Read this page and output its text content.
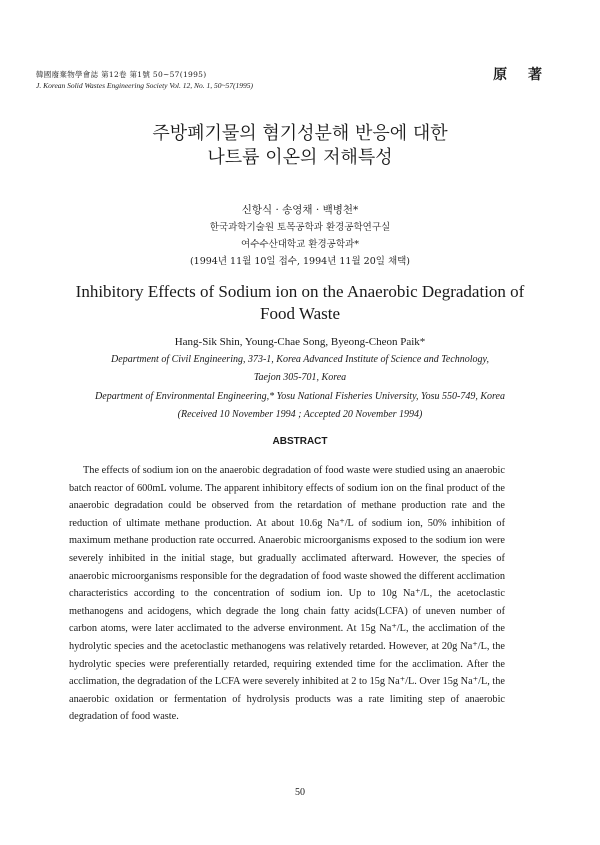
韓國廢棄物學會誌 第12卷 第1號 50~57(1995)
J. Korean Solid Wastes Engineering Society Vol. 12, No. 1, 50~57(1995)
原 著
주방폐기물의 혐기성분해 반응에 대한
나트륨 이온의 저해특성
신항식 · 송영채 · 백병천*
한국과학기술원 토목공학과 환경공학연구실
여수수산대학교 환경공학과*
(1994년 11월 10일 접수, 1994년 11월 20일 채택)
Inhibitory Effects of Sodium ion on the Anaerobic Degradation of
Food Waste
Hang-Sik Shin, Young-Chae Song, Byeong-Cheon Paik*
Department of Civil Engineering, 373-1, Korea Advanced Institute of Science and Technology,
Taejon 305-701, Korea
Department of Environmental Engineering,* Yosu National Fisheries University, Yosu 550-749, Korea
(Received 10 November 1994 ; Accepted 20 November 1994)
ABSTRACT

The effects of sodium ion on the anaerobic degradation of food waste were studied using an anaerobic batch reactor of 600mL volume. The apparent inhibitory effects of sodium ion on the final product of the anaerobic degradation could be observed from the retardation of methane production rate and the reduction of ultimate methane production. At about 10.6g Na⁺/L of sodium ion, 50% inhibition of maximum methane production rate occurred. Anaerobic microorganisms exposed to the sodium ion were severely inhibited in the initial stage, but gradually acclimated afterward. However, the species of anaerobic microorganisms responsible for the degradation of food waste showed the different acclimation characteristics according to the concentration of sodium ion. Up to 10g Na⁺/L, the acetoclastic methanogens and acidogens, which degrade the long chain fatty acids(LCFA) of uneven number of carbon atoms, were later acclimated to the adverse environment. At 15g Na⁺/L, the acclimation of the hydrolytic species and the acetoclastic methanogens was relatively retarded. However, at 20g Na⁺/L, the hydrolytic species were preferentially retarded, requiring extended time for the acclimation. After the acclimation, the degradation of the LCFA were severely inhibited at 2 to 15g Na⁺/L. Over 15g Na⁺/L, the anaerobic oxidation or fermentation of hydrolysis products was a rate limiting step of anaerobic degradation of food waste.

50
